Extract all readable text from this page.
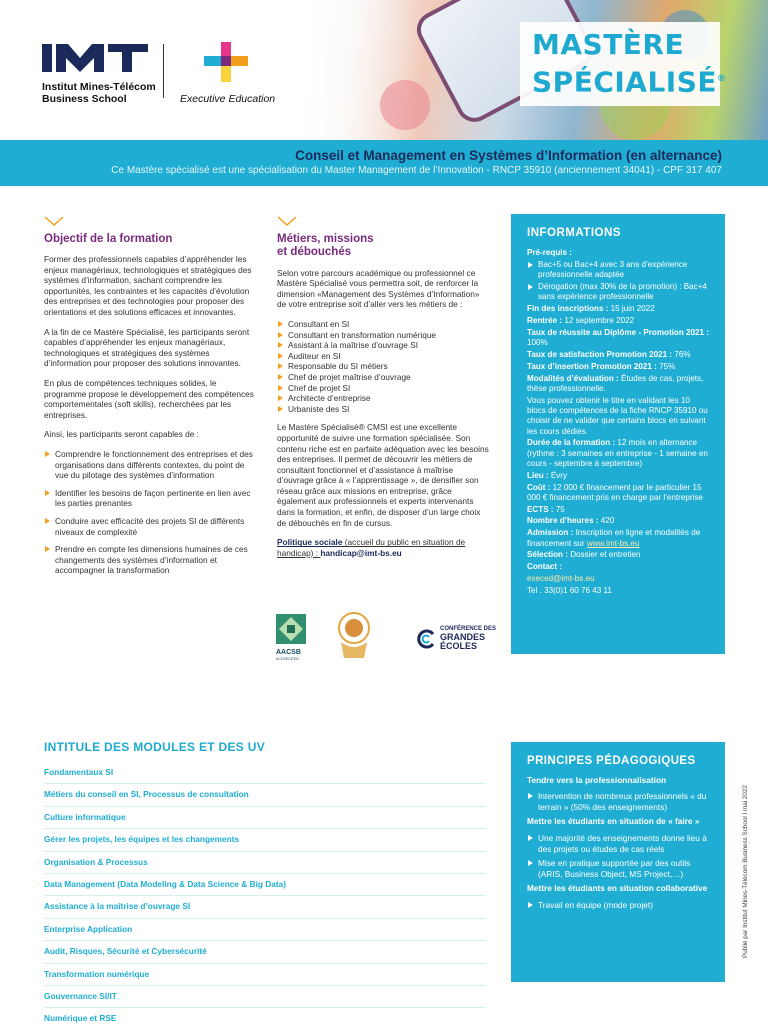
Institut Mines-Télécom
Business School	Executive Education
MASTÈRE
SPÉCIALISÉ®
Conseil et Management en Systèmes d’Information (en alternance)
Ce Mastère spécialisé est une spécialisation du Master Management de l’Innovation - RNCP 35910 (anciennement 34041) - CPF 317 407
Objectif de la formation
Former des professionnels capables d’appréhender les enjeux managériaux, technologiques et stratégiques des systèmes d’information, sachant comprendre les opportunités, les contraintes et les capacités d’évolution des entreprises et des technologies pour proposer des orientations et des solutions efficaces et innovantes.
A la fin de ce Mastère Spécialisé, les participants seront capables d’appréhender les enjeux managériaux, technologiques et stratégiques des systèmes d’information pour proposer des solutions innovantes.
En plus de compétences techniques solides, le programme propose le développement des compétences comportementales (soft skills), recherchées par les entreprises.
Ainsi, les participants seront capables de :
Comprendre le fonctionnement des entreprises et des organisations dans différents contextes, du point de vue du pilotage des systèmes d’information
Identifier les besoins de façon pertinente en lien avec les parties prenantes
Conduire avec efficacité des projets SI de différents niveaux de complexité
Prendre en compte les dimensions humaines de ces changements des systèmes d’information et accompagner la transformation
Métiers, missions
et débouchés
Selon votre parcours académique ou professionnel ce Mastère Spécialisé vous permettra soit, de renforcer la dimension «Management des Systèmes d’Information» de votre entreprise soit d’aller vers les métiers de :
Consultant en SI
Consultant en transformation numérique
Assistant à la maîtrise d’ouvrage SI
Auditeur en SI
Responsable du SI métiers
Chef de projet maîtrise d’ouvrage
Chef de projet SI
Architecte d’entreprise
Urbaniste des SI
Le Mastère Spécialisé® CMSI est une excellente opportunité de suivre une formation spécialisée. Son contenu riche est en parfaite adéquation avec les besoins des entreprises. Il permet de découvrir les métiers de consultant fonctionnel et d’assistance à maîtrise d’ouvrage grâce à « l’apprentissage », de densifier son réseau grâce aux missions en entreprise, grâce également aux professionnels et experts intervenants dans la formation, et enfin, de disposer d’un large choix de débouchés en fin de cursus.
Politique sociale (accueil du public en situation de handicap) : handicap@imt-bs.eu
AACSB
ACCREDITED
CONFÉRENCE DES
GRANDES
ÉCOLES
INFORMATIONS
Pré-requis :
Bac+5 ou Bac+4 avec 3 ans d’expérience professionnelle adaptée
Dérogation (max 30% de la promotion) : Bac+4 sans expérience professionnelle
Fin des inscriptions : 15 juin 2022
Rentrée : 12 septembre 2022
Taux de réussite au Diplôme - Promotion 2021 : 100%
Taux de satisfaction Promotion 2021 : 76%
Taux d’insertion Promotion 2021 : 75%
Modalités d’évaluation : Études de cas, projets, thèse professionnelle.
Vous pouvez obtenir le titre en validant les 10 blocs de compétences de la fiche RNCP 35910 ou choisir de ne valider que certains blocs en suivant les cours dédiés.
Durée de la formation : 12 mois en alternance (rythme : 3 semaines en entreprise - 1 semaine en cours - septembre à septembre)
Lieu : Évry
Coût : 12 000 € financement par le particulier 15 000 € financement pris en charge par l’entreprise
ECTS : 75
Nombre d’heures : 420
Admission : Inscription en ligne et modalités de financement sur www.imt-bs.eu
Sélection : Dossier et entretien
Contact :
execed@imt-bs.eu
Tel . 33(0)1 60 76 43 11
INTITULE DES MODULES ET DES UV
Fondamentaux SI
Métiers du conseil en SI, Processus de consultation
Culture informatique
Gérer les projets, les équipes et les changements
Organisation & Processus
Data Management (Data Modeling & Data Science & Big Data)
Assistance à la maîtrise d’ouvrage SI
Enterprise Application
Audit, Risques, Sécurité et Cybersécurité
Transformation numérique
Gouvernance SI/IT
Numérique et RSE
PRINCIPES PÉDAGOGIQUES
Tendre vers la professionnalisation
Intervention de nombreux professionnels « du terrain » (50% des enseignements)
Mettre les étudiants en situation de « faire »
Une majorité des enseignements donne lieu à des projets ou études de cas réels
Mise en pratique supportée par des outils (ARIS, Business Object, MS Project,…)
Mettre les étudiants en situation collaborative
Travail en équipe (mode projet)	Publié par Institut Mines-Télécom Business School I mai 2022
